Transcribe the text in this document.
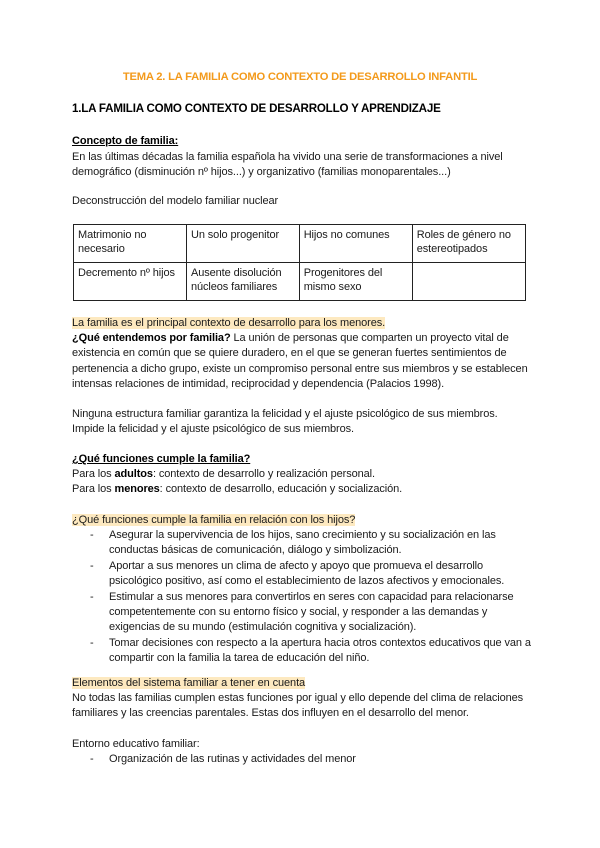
TEMA 2. LA FAMILIA COMO CONTEXTO DE DESARROLLO INFANTIL
1.LA FAMILIA COMO CONTEXTO DE DESARROLLO Y APRENDIZAJE
Concepto de familia:
En las últimas décadas la familia española ha vivido una serie de transformaciones a nivel
demográfico (disminución nº hijos...) y organizativo (familias monoparentales...)
Deconstrucción del modelo familiar nuclear
Matrimonio no necesario	Un solo progenitor	Hijos no comunes	Roles de género no estereotipados
Decremento nº hijos	Ausente disolución núcleos familiares	Progenitores del mismo sexo	
La familia es el principal contexto de desarrollo para los menores.
¿Qué entendemos por familia? La unión de personas que comparten un proyecto vital de existencia en común que se quiere duradero, en el que se generan fuertes sentimientos de pertenencia a dicho grupo, existe un compromiso personal entre sus miembros y se establecen intensas relaciones de intimidad, reciprocidad y dependencia (Palacios 1998).
Ninguna estructura familiar garantiza la felicidad y el ajuste psicológico de sus miembros.
Impide la felicidad y el ajuste psicológico de sus miembros.
¿Qué funciones cumple la familia?
Para los adultos: contexto de desarrollo y realización personal.
Para los menores: contexto de desarrollo, educación y socialización.
¿Qué funciones cumple la familia en relación con los hijos?
- Asegurar la supervivencia de los hijos, sano crecimiento y su socialización en las conductas básicas de comunicación, diálogo y simbolización.
- Aportar a sus menores un clima de afecto y apoyo que promueva el desarrollo psicológico positivo, así como el establecimiento de lazos afectivos y emocionales.
- Estimular a sus menores para convertirlos en seres con capacidad para relacionarse competentemente con su entorno físico y social, y responder a las demandas y exigencias de su mundo (estimulación cognitiva y socialización).
- Tomar decisiones con respecto a la apertura hacia otros contextos educativos que van a compartir con la familia la tarea de educación del niño.
Elementos del sistema familiar a tener en cuenta
No todas las familias cumplen estas funciones por igual y ello depende del clima de relaciones familiares y las creencias parentales. Estas dos influyen en el desarrollo del menor.
Entorno educativo familiar:
- Organización de las rutinas y actividades del menor
